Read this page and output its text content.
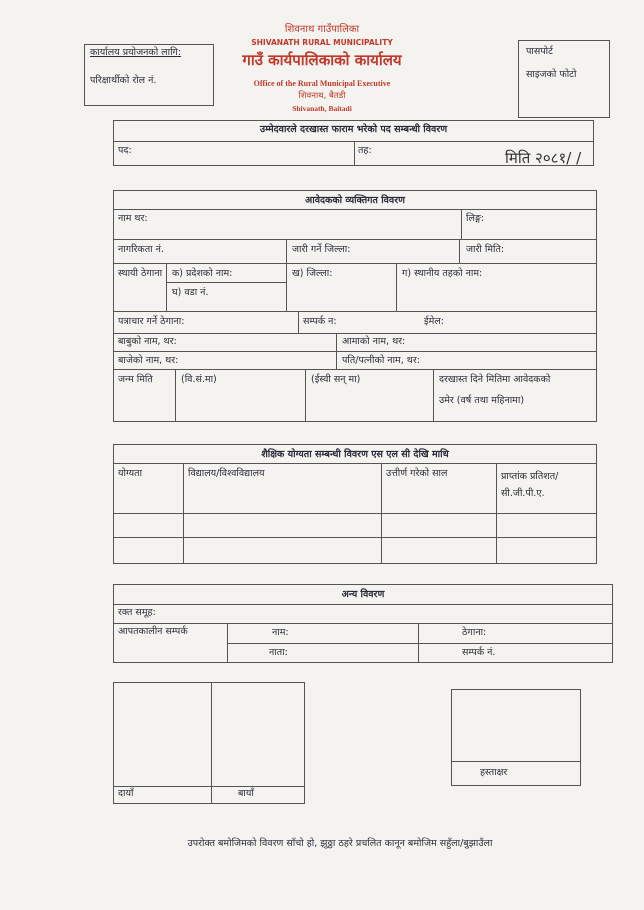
शिवनाथ गाउँपालिका
SHIVANATH RURAL MUNICIPALITY
गाउँ कार्यपालिकाको कार्यालय
Office of the Rural Municipal Executive
शिवनाथ, बैतडी
Shivanath, Baitadi
कार्यालय प्रयोजनको लागि:
परिक्षार्थीको रोल नं.
पासपोर्ट
साइजको फोटो
उम्मेदवारले दरखास्त फाराम भरेको पद सम्बन्धी विवरण
पद:	तह:	मिति २०८१/ /
आवेदकको व्यक्तिगत विवरण
नाम थर:	लिङ्ग:
नागरिकता नं.	जारी गर्ने जिल्ला:	जारी मिति:
स्थायी ठेगाना क) प्रदेशको नाम:
घ) वडा नं.
ख) जिल्ला:	ग) स्थानीय तहको नाम:
पत्राचार गर्ने ठेगाना:	सम्पर्क न:	ईमेल:
बाबुको नाम, थर:	आमाको नाम, थर:
बाजेको नाम, थर:	पति/पत्नीको नाम, थर:
जन्म मिति	(वि.सं.मा)	(ईस्वी सन् मा)	दरखास्त दिने मितिमा आवेदकको
उमेर (वर्ष तथा महिनामा)
शैक्षिक योग्यता सम्बन्धी विवरण एस एल सी देखि माथि
योग्यता	विद्यालय/विश्वविद्यालय	उत्तीर्ण गरेको साल	प्राप्तांक प्रतिशत/सी.जी.पी.ए.
अन्य विवरण
रक्त समूह:
आपतकालीन सम्पर्क	नाम:	ठेगाना:
नाता:	सम्पर्क नं.
दायाँ	बायाँ
हस्ताक्षर
उपरोक्त बमोजिमको विवरण साँचो हो, झुठ्ठा ठहरे प्रचलित कानून बमोजिम सहुँला/बुझाउँला
